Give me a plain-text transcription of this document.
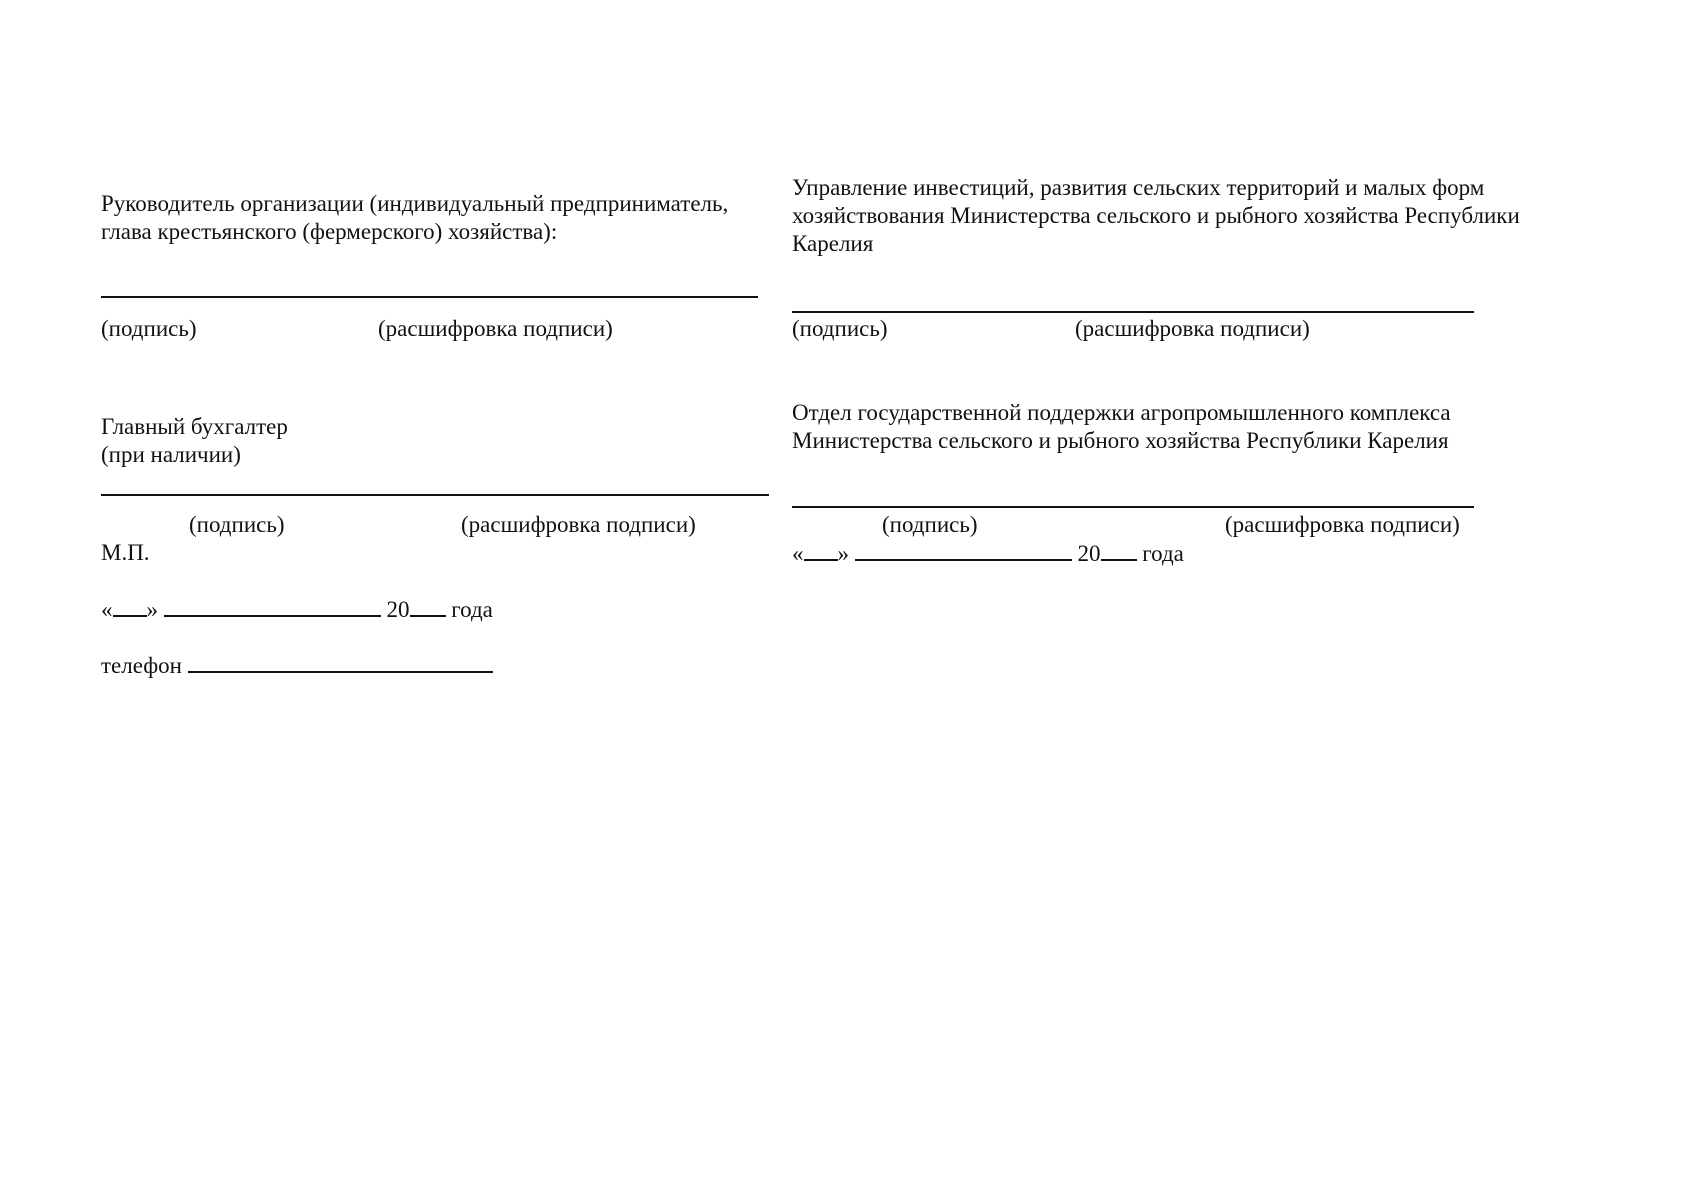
Руководитель организации (индивидуальный предприниматель,
глава крестьянского (фермерского) хозяйства):
(подпись)	(расшифровка подписи)
Главный бухгалтер
(при наличии)
(подпись)	(расшифровка подписи)
М.П.
« »	20 года
телефон
Управление инвестиций, развития сельских территорий и малых форм
хозяйствования Министерства сельского и рыбного хозяйства Республики
Карелия
(подпись)	(расшифровка подписи)
Отдел государственной поддержки агропромышленного комплекса
Министерства сельского и рыбного хозяйства Республики Карелия
(подпись)	(расшифровка подписи)
« »	20 года
